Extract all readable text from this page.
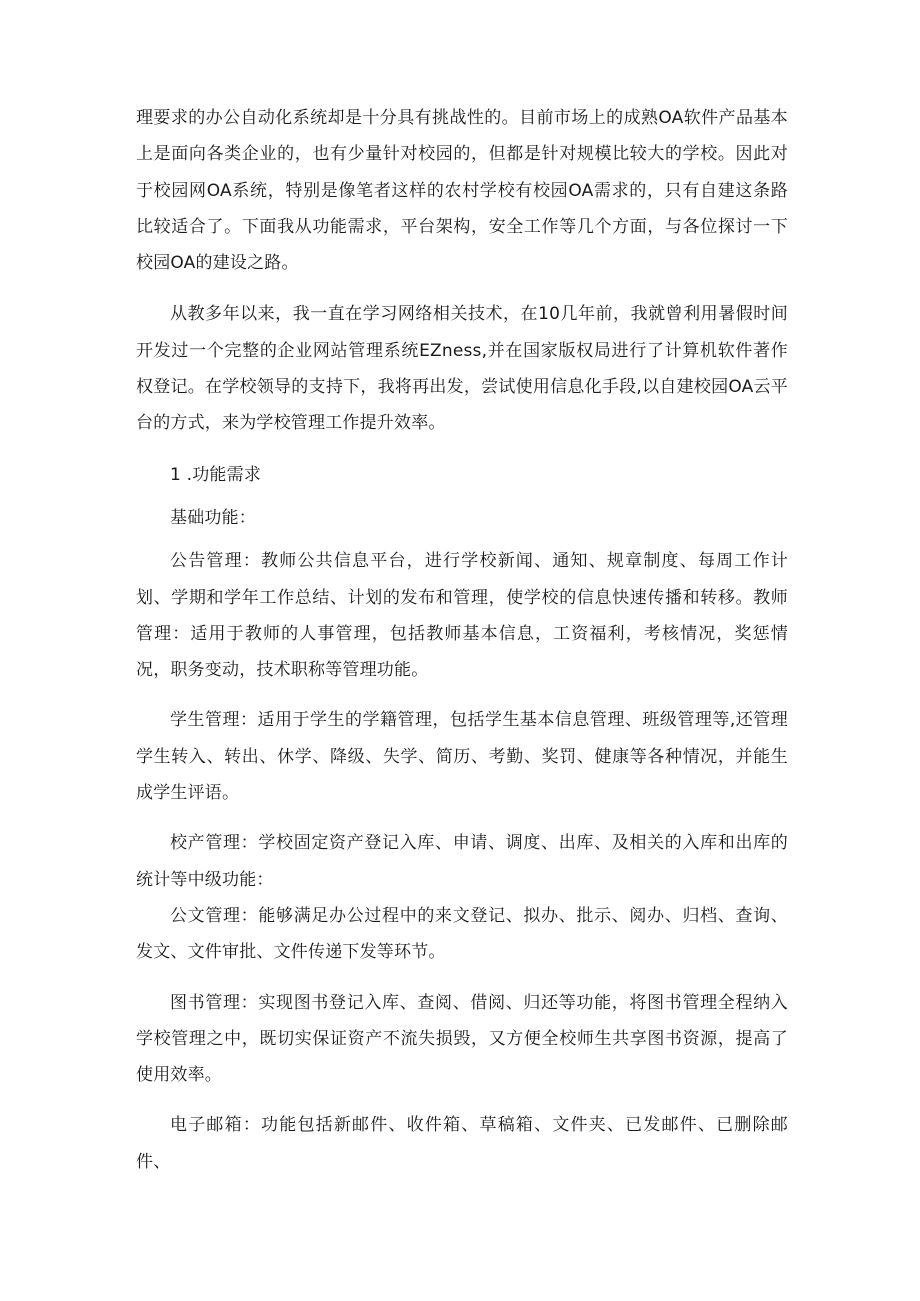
理要求的办公自动化系统却是十分具有挑战性的。目前市场上的成熟OA软件产品基本上是面向各类企业的，也有少量针对校园的，但都是针对规模比较大的学校。因此对于校园网OA系统，特别是像笔者这样的农村学校有校园OA需求的，只有自建这条路比较适合了。下面我从功能需求，平台架构，安全工作等几个方面，与各位探讨一下校园OA的建设之路。

从教多年以来，我一直在学习网络相关技术，在10几年前，我就曾利用暑假时间开发过一个完整的企业网站管理系统EZness,并在国家版权局进行了计算机软件著作权登记。在学校领导的支持下，我将再出发，尝试使用信息化手段,以自建校园OA云平台的方式，来为学校管理工作提升效率。

1 .功能需求

基础功能：

公告管理：教师公共信息平台，进行学校新闻、通知、规章制度、每周工作计划、学期和学年工作总结、计划的发布和管理，使学校的信息快速传播和转移。教师管理：适用于教师的人事管理，包括教师基本信息，工资福利，考核情况，奖惩情况，职务变动，技术职称等管理功能。

学生管理：适用于学生的学籍管理，包括学生基本信息管理、班级管理等,还管理学生转入、转出、休学、降级、失学、简历、考勤、奖罚、健康等各种情况，并能生成学生评语。

校产管理：学校固定资产登记入库、申请、调度、出库、及相关的入库和出库的统计等中级功能：

公文管理：能够满足办公过程中的来文登记、拟办、批示、阅办、归档、查询、发文、文件审批、文件传递下发等环节。

图书管理：实现图书登记入库、查阅、借阅、归还等功能，将图书管理全程纳入学校管理之中，既切实保证资产不流失损毁，又方便全校师生共享图书资源，提高了使用效率。

电子邮箱：功能包括新邮件、收件箱、草稿箱、文件夹、已发邮件、已删除邮件、
